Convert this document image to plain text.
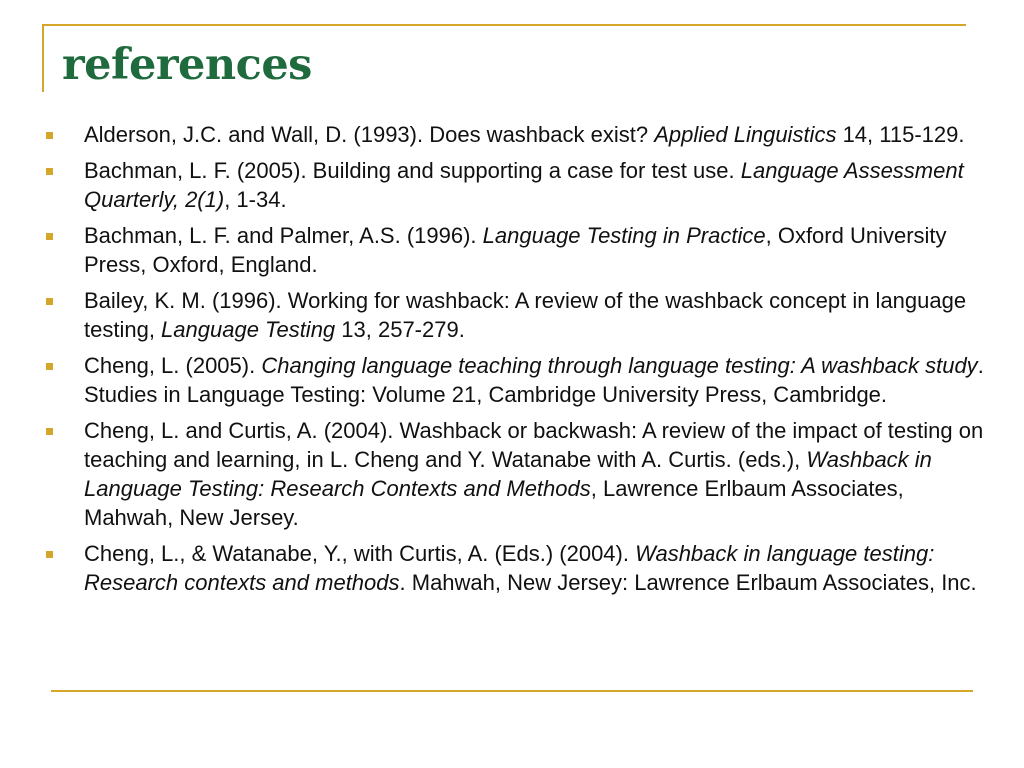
references
Alderson, J.C. and Wall, D. (1993). Does washback exist? Applied Linguistics 14, 115-129.
Bachman, L. F. (2005). Building and supporting a case for test use. Language Assessment Quarterly, 2(1), 1-34.
Bachman, L. F. and Palmer, A.S. (1996). Language Testing in Practice, Oxford University Press, Oxford, England.
Bailey, K. M. (1996). Working for washback: A review of the washback concept in language testing, Language Testing 13, 257-279.
Cheng, L. (2005). Changing language teaching through language testing: A washback study. Studies in Language Testing: Volume 21, Cambridge University Press, Cambridge.
Cheng, L. and Curtis, A. (2004). Washback or backwash: A review of the impact of testing on teaching and learning, in L. Cheng and Y. Watanabe with A. Curtis. (eds.), Washback in Language Testing: Research Contexts and Methods, Lawrence Erlbaum Associates, Mahwah, New Jersey.
Cheng, L., & Watanabe, Y., with Curtis, A. (Eds.) (2004). Washback in language testing: Research contexts and methods. Mahwah, New Jersey: Lawrence Erlbaum Associates, Inc.
